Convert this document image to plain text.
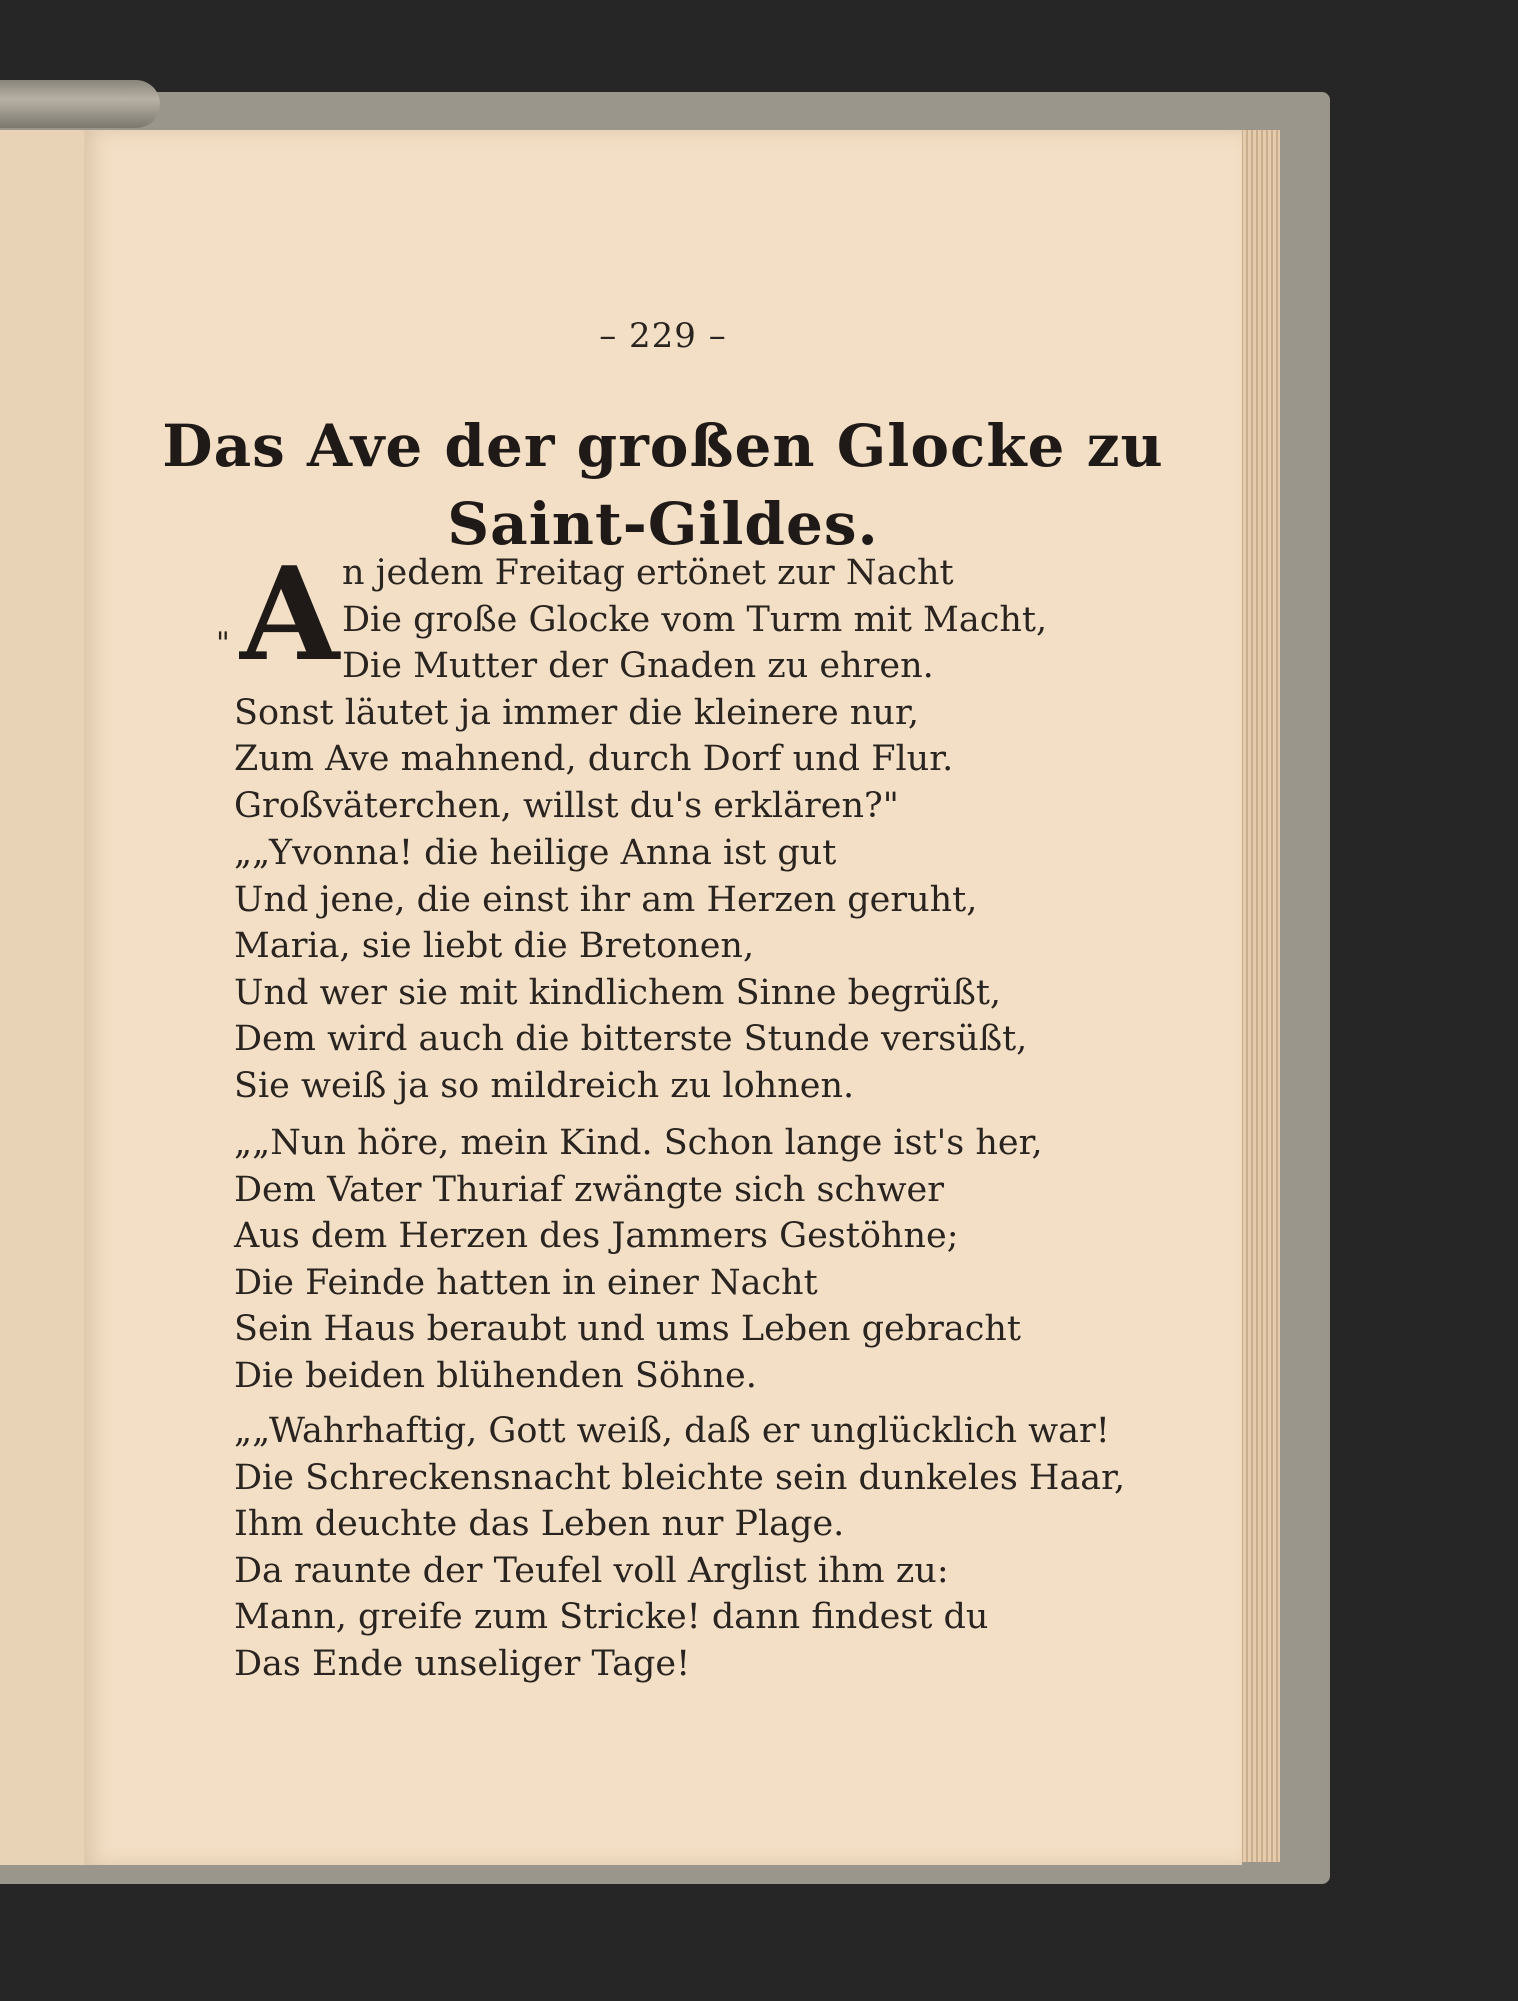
– 229 –
Das Ave der großen Glocke zu
Saint-Gildes.
A
"
n jedem Freitag ertönet zur Nacht
Die große Glocke vom Turm mit Macht,
Die Mutter der Gnaden zu ehren.
Sonst läutet ja immer die kleinere nur,
Zum Ave mahnend, durch Dorf und Flur.
Großväterchen, willst du's erklären?"
„„Yvonna! die heilige Anna ist gut
Und jene, die einst ihr am Herzen geruht,
Maria, sie liebt die Bretonen,
Und wer sie mit kindlichem Sinne begrüßt,
Dem wird auch die bitterste Stunde versüßt,
Sie weiß ja so mildreich zu lohnen.
„„Nun höre, mein Kind. Schon lange ist's her,
Dem Vater Thuriaf zwängte sich schwer
Aus dem Herzen des Jammers Gestöhne;
Die Feinde hatten in einer Nacht
Sein Haus beraubt und ums Leben gebracht
Die beiden blühenden Söhne.
„„Wahrhaftig, Gott weiß, daß er unglücklich war!
Die Schreckensnacht bleichte sein dunkeles Haar,
Ihm deuchte das Leben nur Plage.
Da raunte der Teufel voll Arglist ihm zu:
Mann, greife zum Stricke! dann findest du
Das Ende unseliger Tage!
